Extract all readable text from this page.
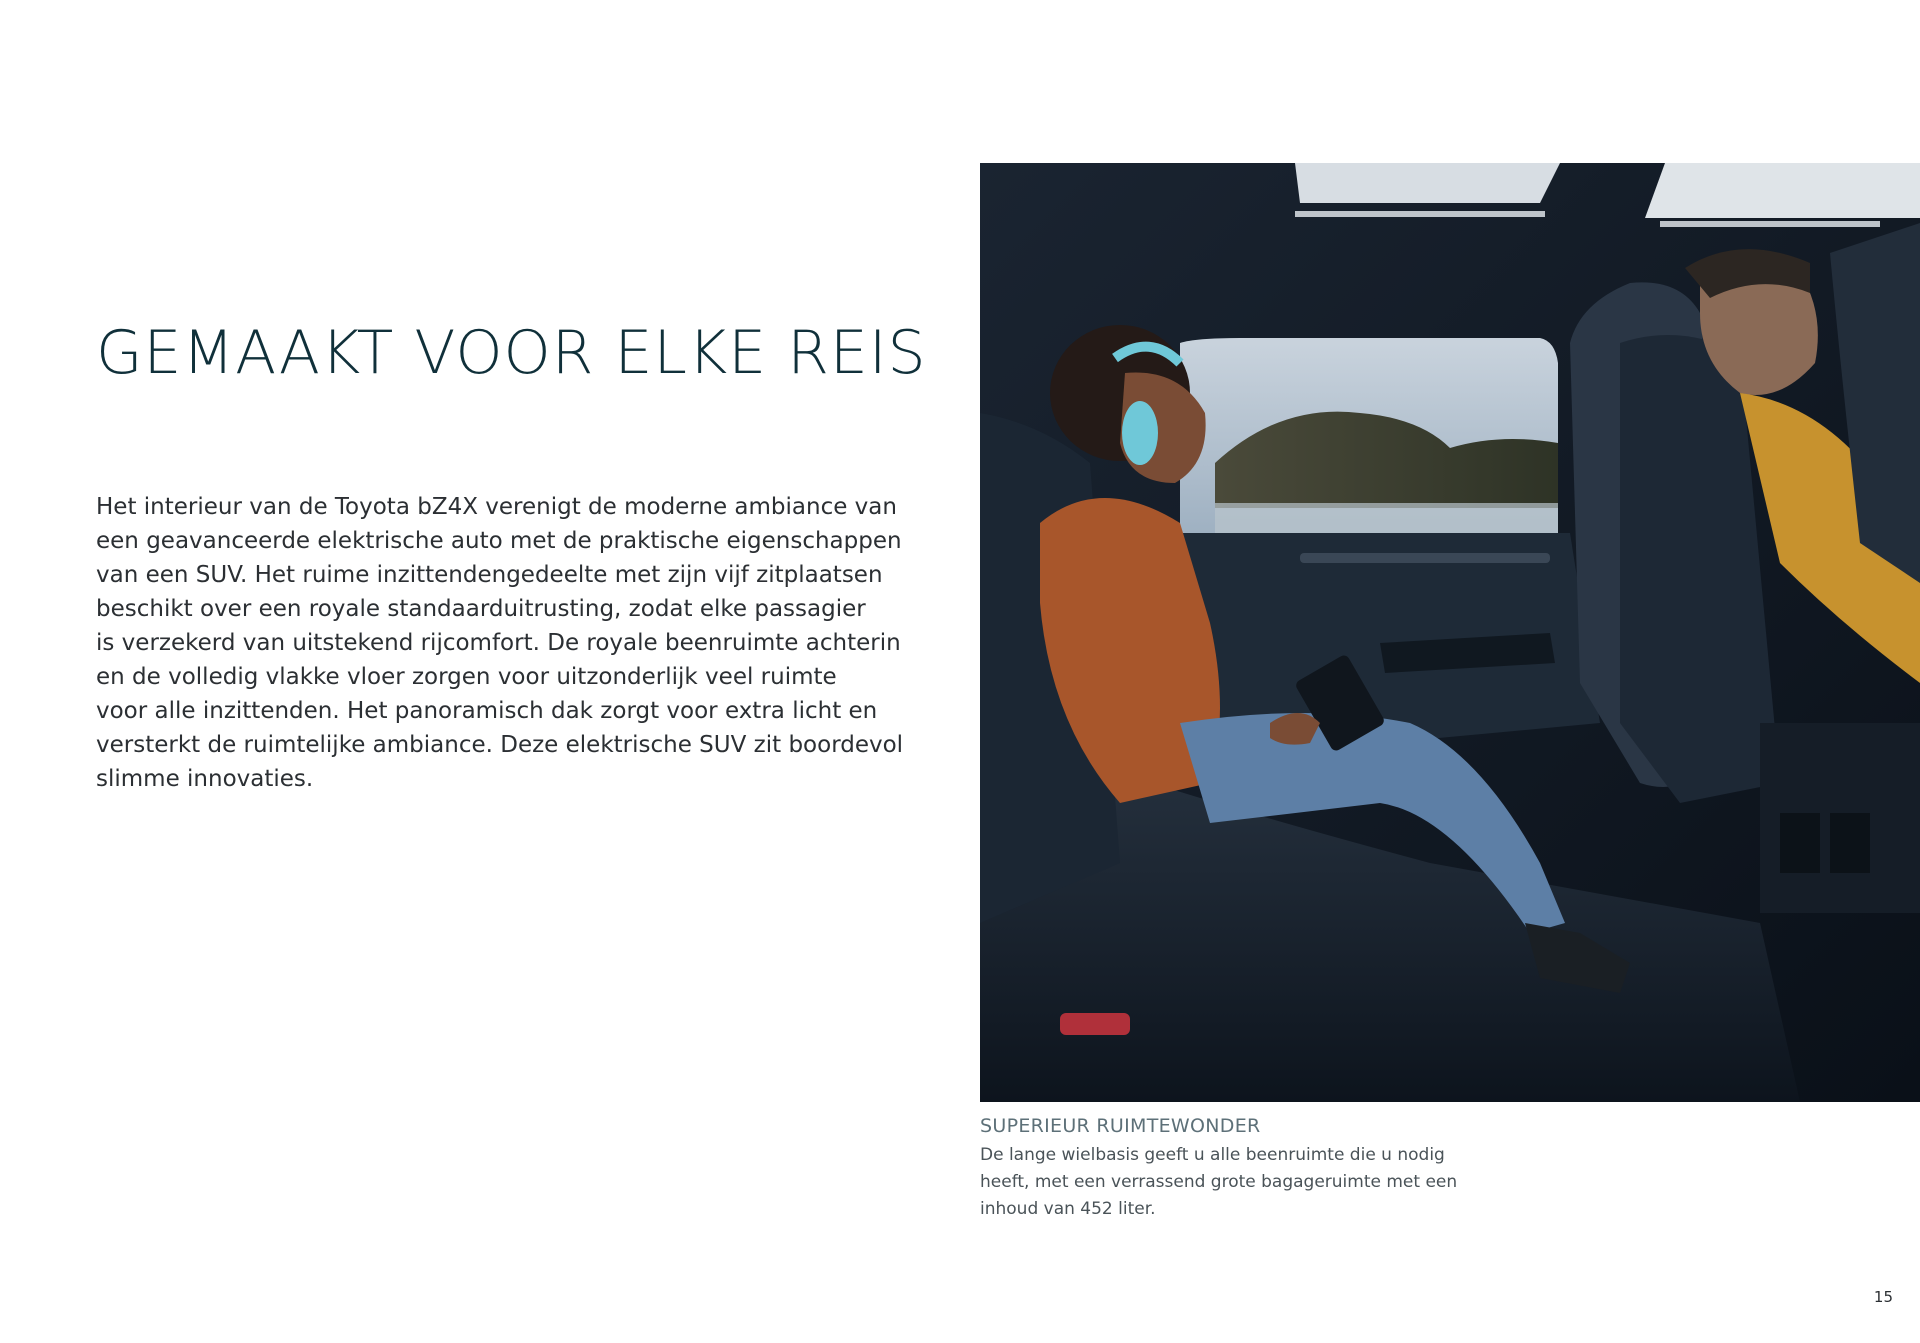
GEMAAKT VOOR ELKE REIS

Het interieur van de Toyota bZ4X verenigt de moderne ambiance van
een geavanceerde elektrische auto met de praktische eigenschappen
van een SUV. Het ruime inzittendengedeelte met zijn vijf zitplaatsen
beschikt over een royale standaarduitrusting, zodat elke passagier
is verzekerd van uitstekend rijcomfort. De royale beenruimte achterin
en de volledig vlakke vloer zorgen voor uitzonderlijk veel ruimte
voor alle inzittenden. Het panoramisch dak zorgt voor extra licht en
versterkt de ruimtelijke ambiance. Deze elektrische SUV zit boordevol
slimme innovaties.

SUPERIEUR RUIMTEWONDER

De lange wielbasis geeft u alle beenruimte die u nodig
heeft, met een verrassend grote bagageruimte met een
inhoud van 452 liter.

15
